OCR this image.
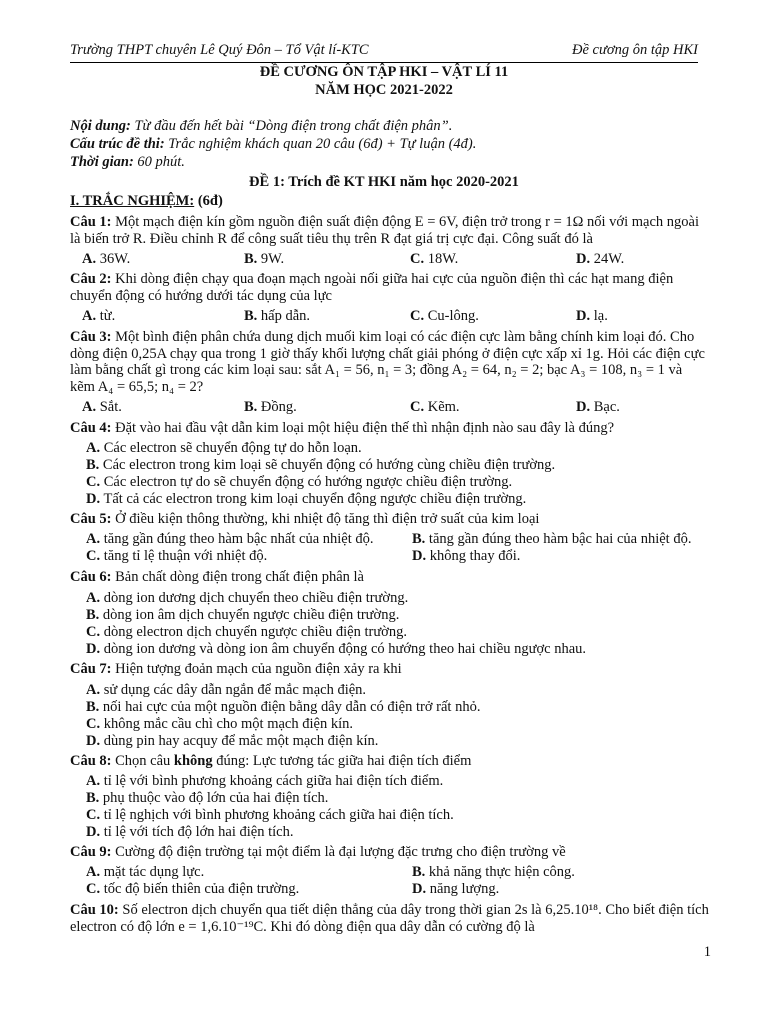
Trường THPT chuyên Lê Quý Đôn – Tổ Vật lí-KTC	Đề cương ôn tập HKI
ĐỀ CƯƠNG ÔN TẬP HKI – VẬT LÍ 11
NĂM HỌC 2021-2022
Nội dung: Từ đầu đến hết bài “Dòng điện trong chất điện phân”.
Cấu trúc đề thi: Trắc nghiệm khách quan 20 câu (6đ) + Tự luận (4đ).
Thời gian: 60 phút.
ĐỀ 1: Trích đề KT HKI năm học 2020-2021
I. TRẮC NGHIỆM: (6đ)
Câu 1: Một mạch điện kín gồm nguồn điện suất điện động E = 6V, điện trở trong r = 1Ω nối với mạch ngoài là biến trở R. Điều chỉnh R để công suất tiêu thụ trên R đạt giá trị cực đại. Công suất đó là
A. 36W.	B. 9W.	C. 18W.	D. 24W.
Câu 2: Khi dòng điện chạy qua đoạn mạch ngoài nối giữa hai cực của nguồn điện thì các hạt mang điện chuyển động có hướng dưới tác dụng của lực
A. từ.	B. hấp dẫn.	C. Cu-lông.	D. lạ.
Câu 3: Một bình điện phân chứa dung dịch muối kim loại có các điện cực làm bằng chính kim loại đó. Cho dòng điện 0,25A chạy qua trong 1 giờ thấy khối lượng chất giải phóng ở điện cực xấp xỉ 1g. Hỏi các điện cực làm bằng chất gì trong các kim loại sau: sắt A₁ = 56, n₁ = 3; đồng A₂ = 64, n₂ = 2; bạc A₃ = 108, n₃ = 1 và kẽm A₄ = 65,5; n₄ = 2?
A. Sắt.	B. Đồng.	C. Kẽm.	D. Bạc.
Câu 4: Đặt vào hai đầu vật dẫn kim loại một hiệu điện thế thì nhận định nào sau đây là đúng?
A. Các electron sẽ chuyển động tự do hỗn loạn.
B. Các electron trong kim loại sẽ chuyển động có hướng cùng chiều điện trường.
C. Các electron tự do sẽ chuyển động có hướng ngược chiều điện trường.
D. Tất cả các electron trong kim loại chuyển động ngược chiều điện trường.
Câu 5: Ở điều kiện thông thường, khi nhiệt độ tăng thì điện trở suất của kim loại
A. tăng gần đúng theo hàm bậc nhất của nhiệt độ.	B. tăng gần đúng theo hàm bậc hai của nhiệt độ.
C. tăng tỉ lệ thuận với nhiệt độ.	D. không thay đổi.
Câu 6: Bản chất dòng điện trong chất điện phân là
A. dòng ion dương dịch chuyển theo chiều điện trường.
B. dòng ion âm dịch chuyển ngược chiều điện trường.
C. dòng electron dịch chuyển ngược chiều điện trường.
D. dòng ion dương và dòng ion âm chuyển động có hướng theo hai chiều ngược nhau.
Câu 7: Hiện tượng đoản mạch của nguồn điện xảy ra khi
A. sử dụng các dây dẫn ngắn để mắc mạch điện.
B. nối hai cực của một nguồn điện bằng dây dẫn có điện trở rất nhỏ.
C. không mắc cầu chì cho một mạch điện kín.
D. dùng pin hay acquy để mắc một mạch điện kín.
Câu 8: Chọn câu không đúng: Lực tương tác giữa hai điện tích điểm
A. tỉ lệ với bình phương khoảng cách giữa hai điện tích điểm.
B. phụ thuộc vào độ lớn của hai điện tích.
C. tỉ lệ nghịch với bình phương khoảng cách giữa hai điện tích.
D. tỉ lệ với tích độ lớn hai điện tích.
Câu 9: Cường độ điện trường tại một điểm là đại lượng đặc trưng cho điện trường về
A. mặt tác dụng lực.	B. khả năng thực hiện công.
C. tốc độ biến thiên của điện trường.	D. năng lượng.
Câu 10: Số electron dịch chuyển qua tiết diện thẳng của dây trong thời gian 2s là 6,25.10¹⁸. Cho biết điện tích electron có độ lớn e = 1,6.10⁻¹⁹C. Khi đó dòng điện qua dây dẫn có cường độ là
1
